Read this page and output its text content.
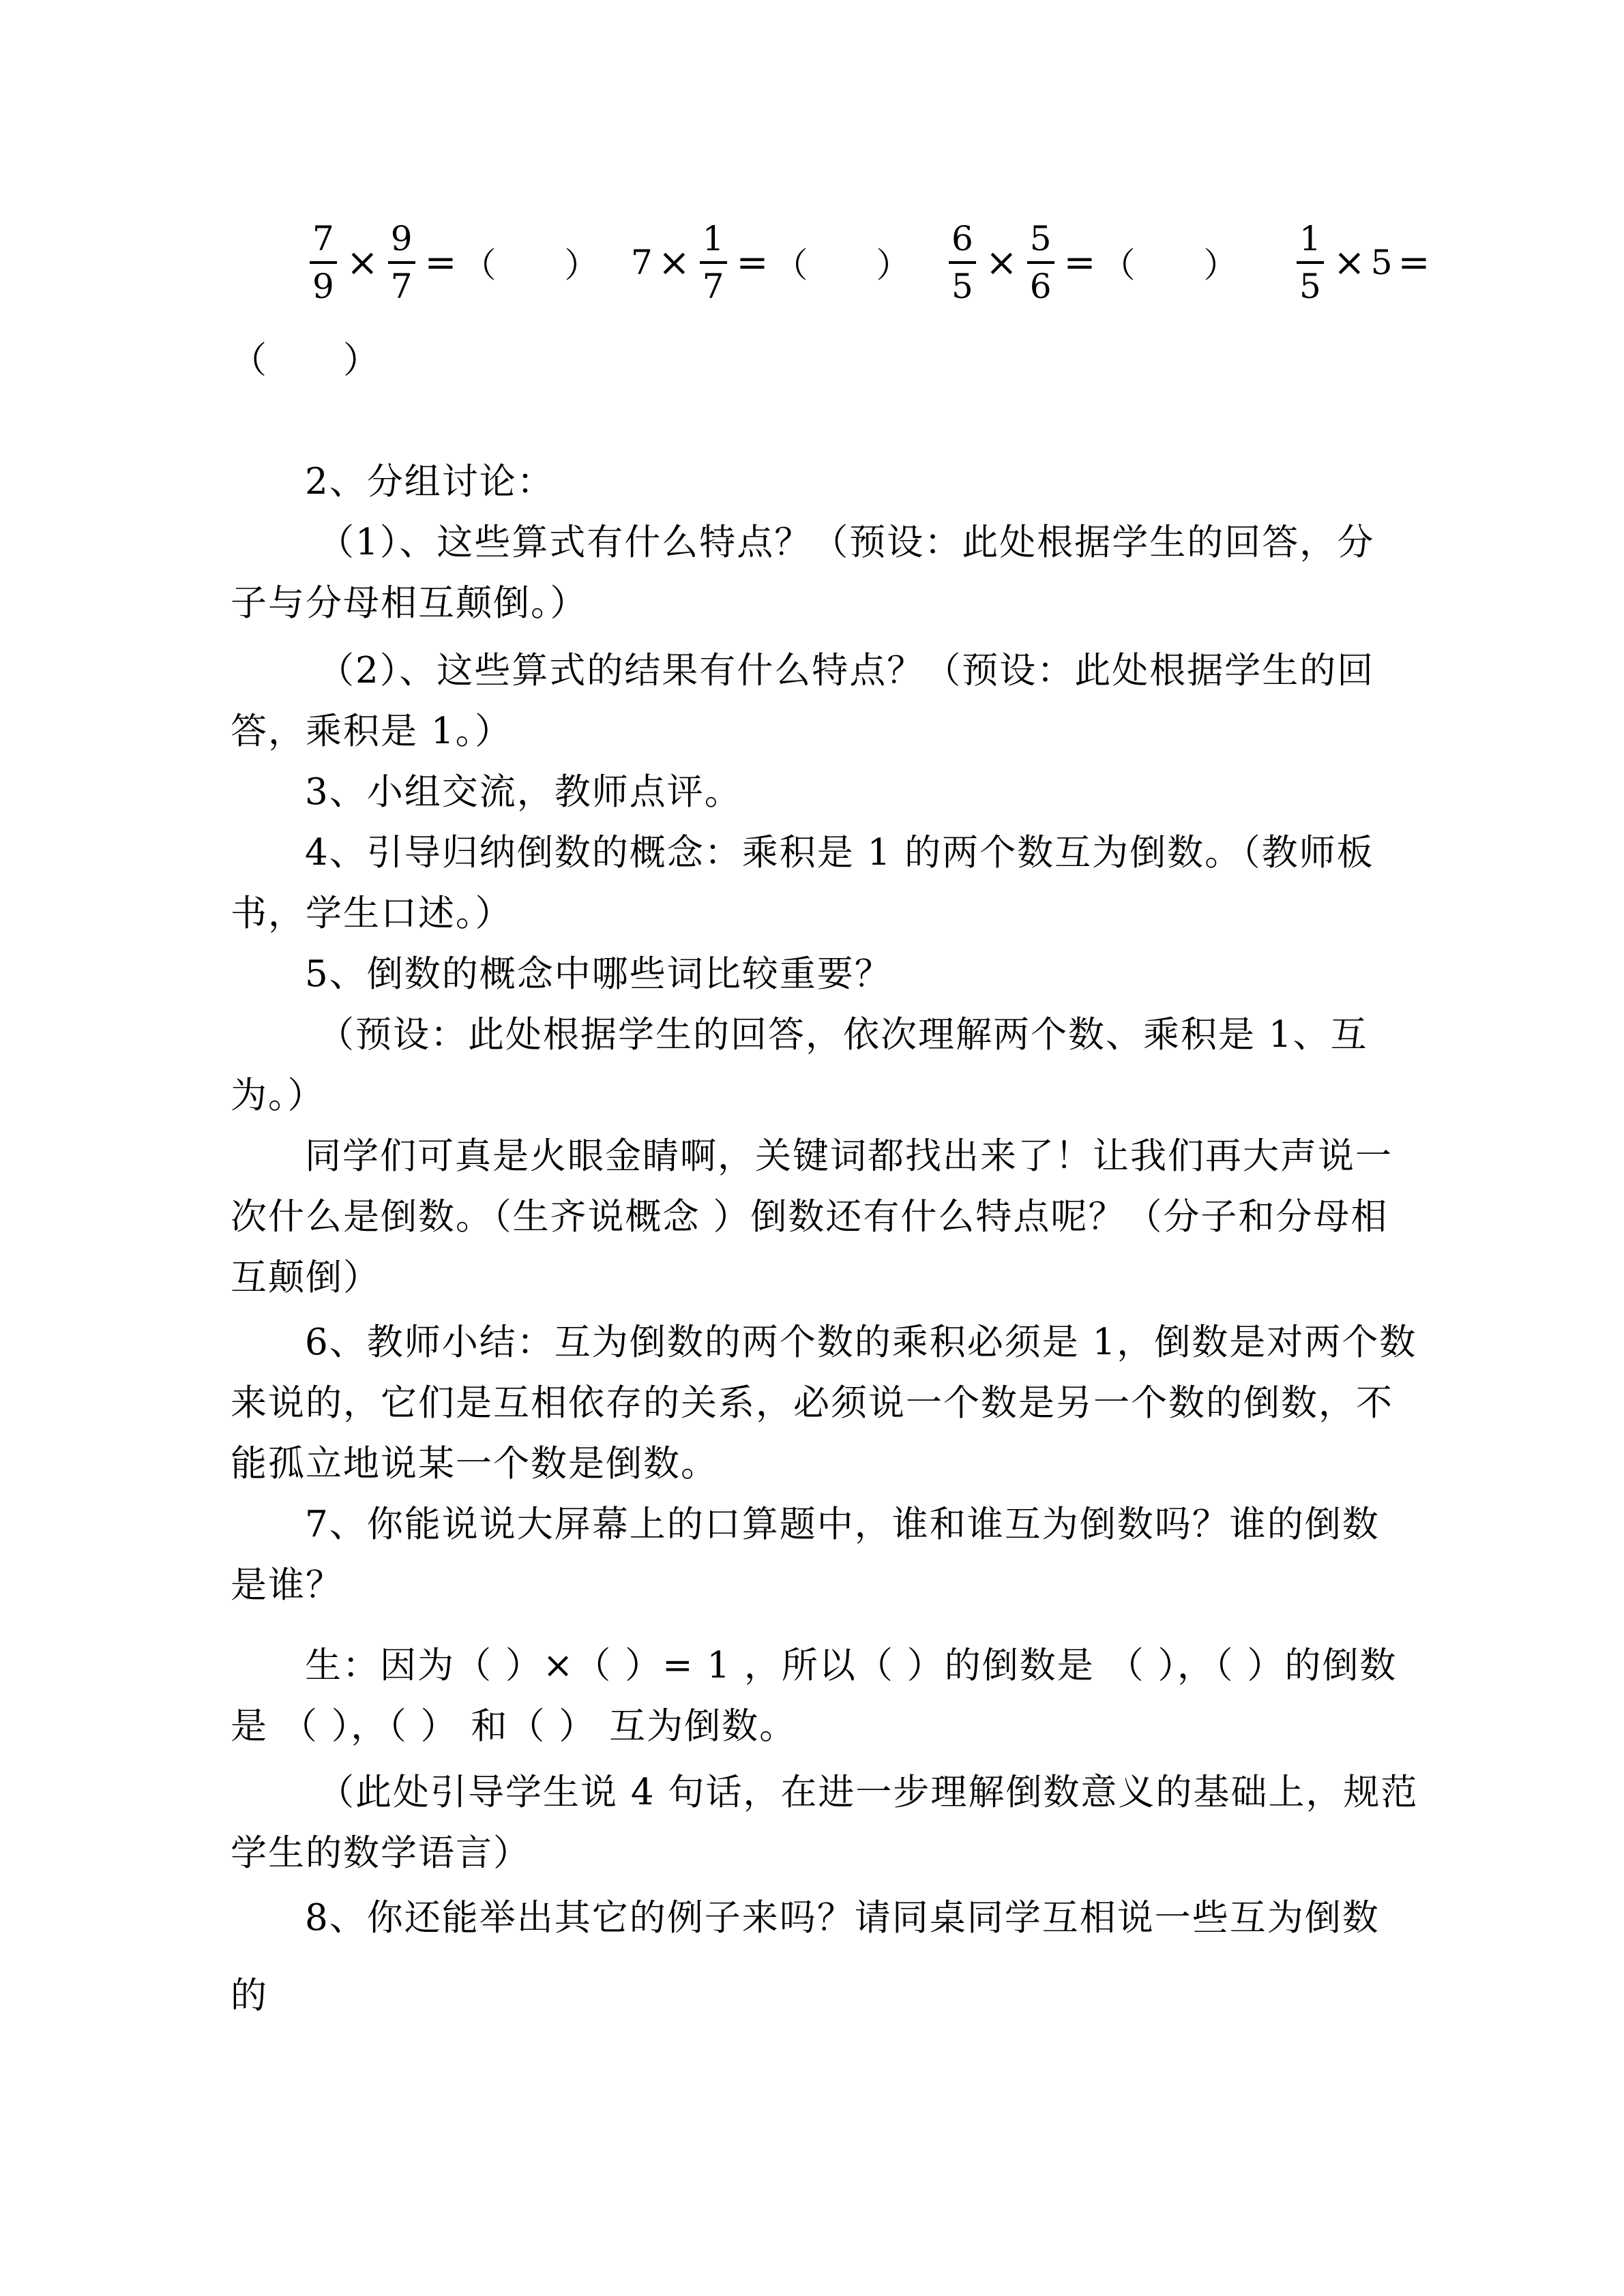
$\frac{7}{9} \times \frac{9}{7}$ = （　　） $7 \times \frac{1}{7}$ = （　　） $\frac{6}{5} \times \frac{5}{6}$ = （　　） $\frac{1}{5} \times 5$ =

（　　）

2、分组讨论：

（1）、这些算式有什么特点？（预设：此处根据学生的回答，分

子与分母相互颠倒。）

（2）、这些算式的结果有什么特点？（预设：此处根据学生的回

答，乘积是 1。）

3、小组交流，教师点评。

4、引导归纳倒数的概念：乘积是 1 的两个数互为倒数。（教师板

书，学生口述。）

5、倒数的概念中哪些词比较重要？

（预设：此处根据学生的回答，依次理解两个数、乘积是 1、互

为。）

同学们可真是火眼金睛啊，关键词都找出来了！让我们再大声说一

次什么是倒数。（生齐说概念 ）倒数还有什么特点呢？（分子和分母相

互颠倒）

6、教师小结：互为倒数的两个数的乘积必须是 1，倒数是对两个数

来说的，它们是互相依存的关系，必须说一个数是另一个数的倒数，不

能孤立地说某一个数是倒数。

7、你能说说大屏幕上的口算题中，谁和谁互为倒数吗？谁的倒数

是谁？

生：因为（ ）×（ ）= 1 ，所以（ ）的倒数是 （ ），（ ）的倒数

是 （ ），（ ） 和（ ） 互为倒数。

（此处引导学生说 4 句话，在进一步理解倒数意义的基础上，规范

学生的数学语言）

8、你还能举出其它的例子来吗？请同桌同学互相说一些互为倒数

的
